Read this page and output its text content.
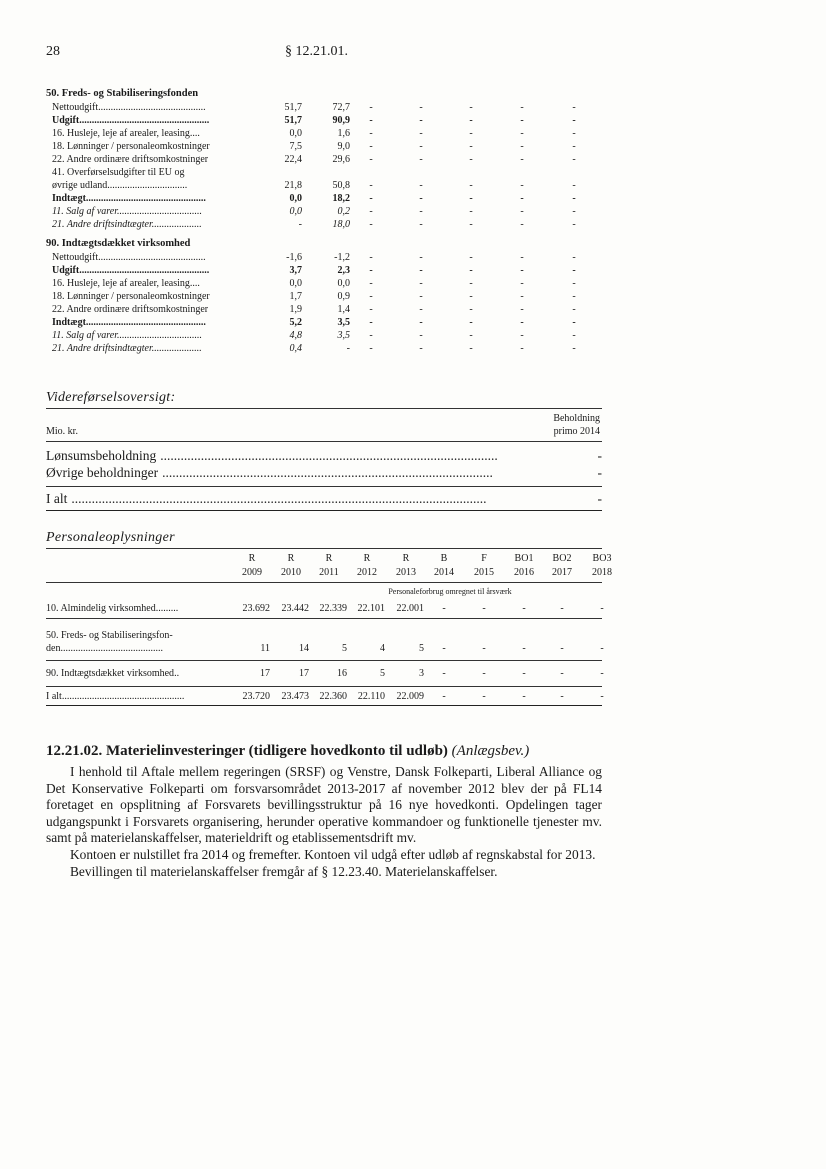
28	§ 12.21.01.
50. Freds- og Stabiliseringsfonden
Nettoudgift...........................................	51,7	72,7	-	-	-	-	-
Udgift....................................................	51,7	90,9	-	-	-	-	-
16. Husleje, leje af arealer, leasing....	0,0	1,6	-	-	-	-	-
18. Lønninger / personaleomkostninger	7,5	9,0	-	-	-	-	-
22. Andre ordinære driftsomkostninger	22,4	29,6	-	-	-	-	-
41. Overførselsudgifter til EU og
øvrige udland................................	21,8	50,8	-	-	-	-	-
Indtægt................................................	0,0	18,2	-	-	-	-	-
11. Salg af varer..................................	0,0	0,2	-	-	-	-	-
21. Andre driftsindtægter....................	-	18,0	-	-	-	-	-
90. Indtægtsdækket virksomhed
Nettoudgift...........................................	-1,6	-1,2	-	-	-	-	-
Udgift....................................................	3,7	2,3	-	-	-	-	-
16. Husleje, leje af arealer, leasing....	0,0	0,0	-	-	-	-	-
18. Lønninger / personaleomkostninger	1,7	0,9	-	-	-	-	-
22. Andre ordinære driftsomkostninger	1,9	1,4	-	-	-	-	-
Indtægt................................................	5,2	3,5	-	-	-	-	-
11. Salg af varer..................................	4,8	3,5	-	-	-	-	-
21. Andre driftsindtægter....................	0,4	-	-	-	-	-	-
Videreførselsoversigt:
Beholdning
primo 2014
Mio. kr.
Lønsumsbeholdning ....................................................................................................	-
Øvrige beholdninger ..................................................................................................	-
I alt ...........................................................................................................................	-
Personaleoplysninger
R	R	R	R	R	B	F	BO1	BO2	BO3
2009	2010	2011	2012	2013	2014	2015	2016	2017	2018
Personaleforbrug omregnet til årsværk
10. Almindelig virksomhed.........	23.692	23.442	22.339	22.101	22.001	-	-	-	-	-
50. Freds- og Stabiliseringsfon-
den.........................................	11	14	5	4	5	-	-	-	-	-
90. Indtægtsdækket virksomhed..	17	17	16	5	3	-	-	-	-	-
I alt.................................................	23.720	23.473	22.360	22.110	22.009	-	-	-	-	-
12.21.02. Materielinvesteringer (tidligere hovedkonto til udløb) (Anlægsbev.)

I henhold til Aftale mellem regeringen (SRSF) og Venstre, Dansk Folkeparti, Liberal Alliance og Det Konservative Folkeparti om forsvarsområdet 2013-2017 af november 2012 blev der på FL14 foretaget en opsplitning af Forsvarets bevillingsstruktur på 16 nye hovedkonti. Opdelingen tager udgangspunkt i Forsvarets organisering, herunder operative kommandoer og funktionelle tjenester mv. samt på materielanskaffelser, materieldrift og etablissementsdrift mv.

Kontoen er nulstillet fra 2014 og fremefter. Kontoen vil udgå efter udløb af regnskabstal for 2013.

Bevillingen til materielanskaffelser fremgår af § 12.23.40. Materielanskaffelser.
